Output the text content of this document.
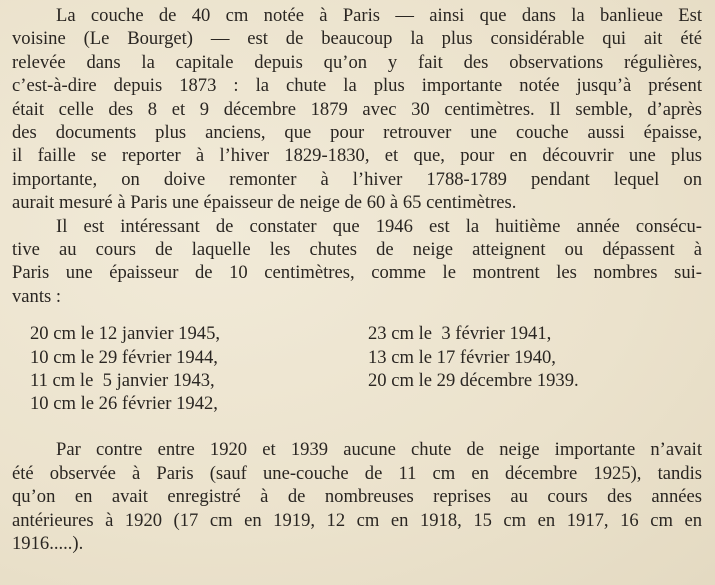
La couche de 40 cm notée à Paris — ainsi que dans la banlieue Est
voisine (Le Bourget) — est de beaucoup la plus considérable qui ait été
relevée dans la capitale depuis qu’on y fait des observations régulières,
c’est-à-dire depuis 1873 : la chute la plus importante notée jusqu’à présent
était celle des 8 et 9 décembre 1879 avec 30 centimètres. Il semble, d’après
des documents plus anciens, que pour retrouver une couche aussi épaisse,
il faille se reporter à l’hiver 1829-1830, et que, pour en découvrir une plus
importante, on doive remonter à l’hiver 1788-1789 pendant lequel on
aurait mesuré à Paris une épaisseur de neige de 60 à 65 centimètres.

Il est intéressant de constater que 1946 est la huitième année consécu-
tive au cours de laquelle les chutes de neige atteignent ou dépassent à
Paris une épaisseur de 10 centimètres, comme le montrent les nombres sui-
vants :

20 cm le 12 janvier 1945,
10 cm le 29 février 1944,
11 cm le  5 janvier 1943,
10 cm le 26 février 1942,
23 cm le  3 février 1941,
13 cm le 17 février 1940,
20 cm le 29 décembre 1939.

Par contre entre 1920 et 1939 aucune chute de neige importante n’avait
été observée à Paris (sauf une-couche de 11 cm en décembre 1925), tandis
qu’on en avait enregistré à de nombreuses reprises au cours des années
antérieures à 1920 (17 cm en 1919, 12 cm en 1918, 15 cm en 1917, 16 cm en
1916.....).
